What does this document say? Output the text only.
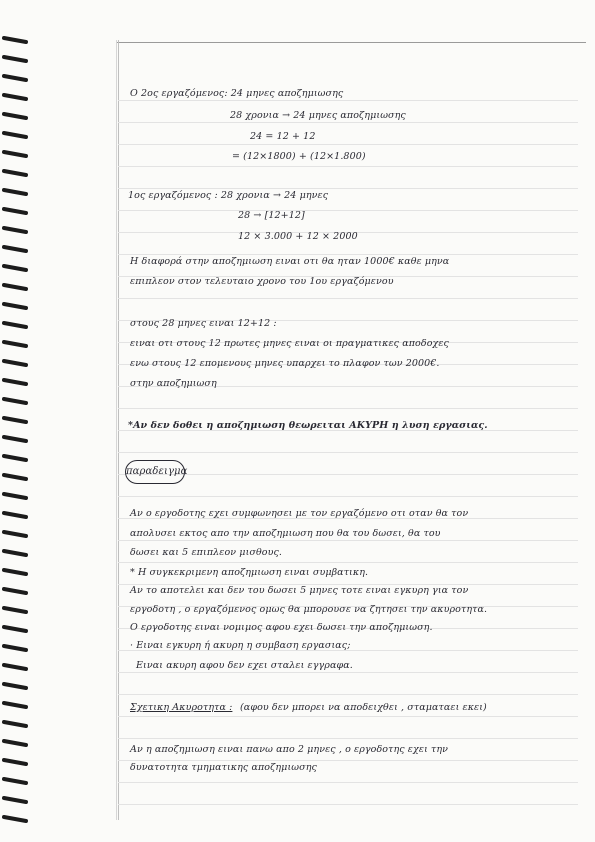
Ο 2ος εργαζόμενος: 24 μηνες αποζημιωσης
28 χρονια → 24 μηνες αποζημιωσης
24 = 12 + 12
= (12×1800) + (12×1.800)
1ος εργαζόμενος : 28 χρονια → 24 μηνες
28 → [12+12]
12 × 3.000 + 12 × 2000
Η διαφορά στην αποζημιωση ειναι οτι θα ηταν 1000€ καθε μηνα
επιπλεον στον τελευταιο χρονο του 1ου εργαζόμενου
στους 28 μηνες ειναι 12+12 :
ειναι οτι στους 12 πρωτες μηνες ειναι οι πραγματικες αποδοχες
ενω στους 12 επομενους μηνες υπαρχει το πλαφον των 2000€.
στην αποζημιωση
*Αν δεν δοθει η αποζημιωση θεωρειται ΑΚΥΡΗ η λυση εργασιας.
παραδειγμα
Αν ο εργοδοτης εχει συμφωνησει με τον εργαζόμενο οτι οταν θα τον
απολυσει εκτος απο την αποζημιωση που θα του δωσει, θα του
δωσει και 5 επιπλεον μισθους.
* Η συγκεκριμενη αποζημιωση ειναι συμβατικη.
Αν το αποτελει και δεν του δωσει 5 μηνες τοτε ειναι εγκυρη για τον
εργοδοτη , ο εργαζόμενος ομως θα μπορουσε να ζητησει την ακυροτητα.
Ο εργοδοτης ειναι νομιμος αφου εχει δωσει την αποζημιωση.
· Ειναι εγκυρη ή ακυρη η συμβαση εργασιας;
Ειναι ακυρη αφου δεν εχει σταλει εγγραφα.
Σχετικη Ακυροτητα : (αφου δεν μπορει να αποδειχθει , σταματαει εκει)
Αν η αποζημιωση ειναι πανω απο 2 μηνες , ο εργοδοτης εχει την
δυνατοτητα τμηματικης αποζημιωσης
